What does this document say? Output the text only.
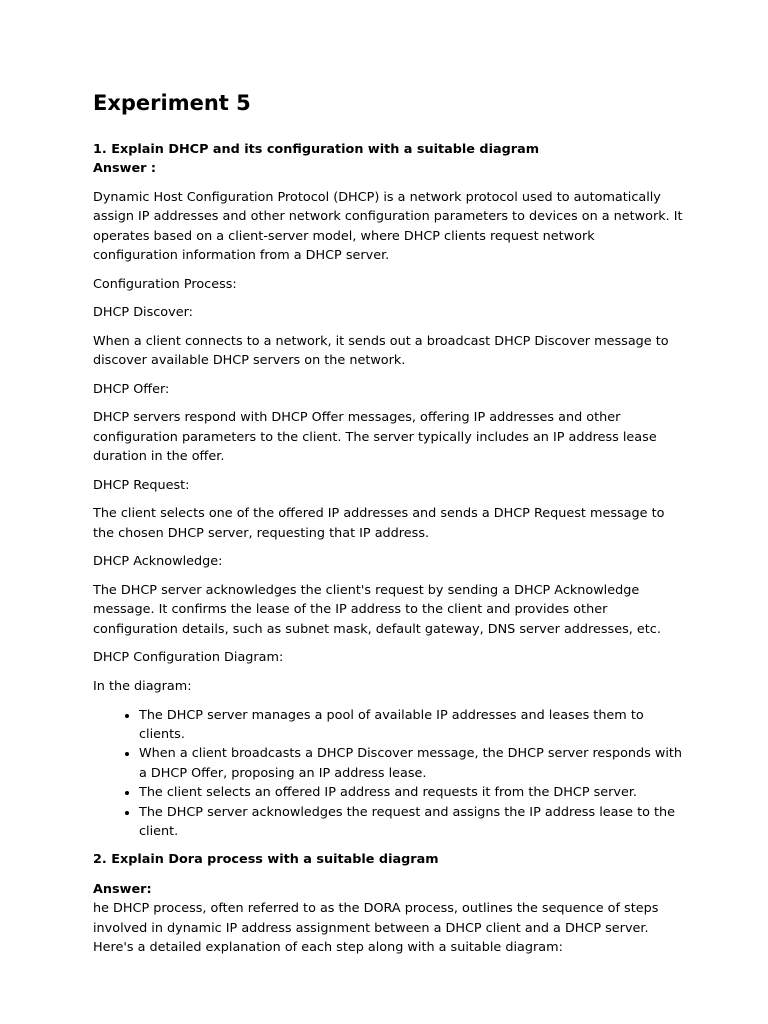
Experiment 5
1. Explain DHCP and its configuration with a suitable diagram
Answer :

Dynamic Host Configuration Protocol (DHCP) is a network protocol used to automatically assign IP addresses and other network configuration parameters to devices on a network. It operates based on a client-server model, where DHCP clients request network configuration information from a DHCP server.

Configuration Process:

DHCP Discover:

When a client connects to a network, it sends out a broadcast DHCP Discover message to discover available DHCP servers on the network.

DHCP Offer:

DHCP servers respond with DHCP Offer messages, offering IP addresses and other configuration parameters to the client. The server typically includes an IP address lease duration in the offer.

DHCP Request:

The client selects one of the offered IP addresses and sends a DHCP Request message to the chosen DHCP server, requesting that IP address.

DHCP Acknowledge:

The DHCP server acknowledges the client's request by sending a DHCP Acknowledge message. It confirms the lease of the IP address to the client and provides other configuration details, such as subnet mask, default gateway, DNS server addresses, etc.

DHCP Configuration Diagram:

In the diagram:

• The DHCP server manages a pool of available IP addresses and leases them to clients.
• When a client broadcasts a DHCP Discover message, the DHCP server responds with a DHCP Offer, proposing an IP address lease.
• The client selects an offered IP address and requests it from the DHCP server.
• The DHCP server acknowledges the request and assigns the IP address lease to the client.
2. Explain Dora process with a suitable diagram
Answer:

he DHCP process, often referred to as the DORA process, outlines the sequence of steps involved in dynamic IP address assignment between a DHCP client and a DHCP server. Here's a detailed explanation of each step along with a suitable diagram:
